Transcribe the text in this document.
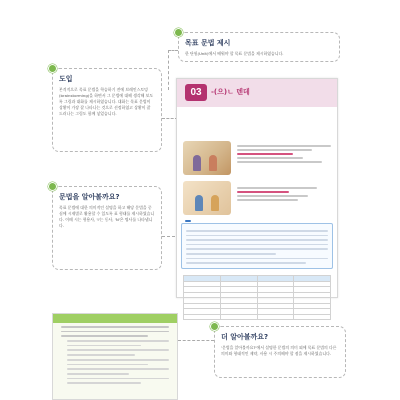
목표 문법 제시
한 단원(Unit)에서 배워야 할 목표 문법을 제시하였습니다.
도입
본격적으로 목표 문법을 학습하기 전에 브레인스토밍(brainstorming)을 하면서 그 문법에 대해 생각해 보도록 그림과 대화를 제시하였습니다. 대화는 목표 문법이 상황이 가장 잘 나타나는 것으로 선정하였고 상황이 잘 드러나는 그림도 함께 넣었습니다.
문법을 알아볼까요?
목표 문법에 대한 의미적인 설명을 하고 해당 문법을 중심에 시제별로 활용할 수 있도록 표 형태를 제시하였습니다. 이때 시는 형용사, 'I'는 동사, 'N'은 명사를 나타냅니다.
03	-(으)ㄴ 덴데

더 알아볼까요?
'문법을 알아볼까요?'에서 설명한 문법의 의미 외에 목표 문법의 다른 의미와 형태적인 제약, 사용 시 주의해야 할 점을 제시하였습니다.
